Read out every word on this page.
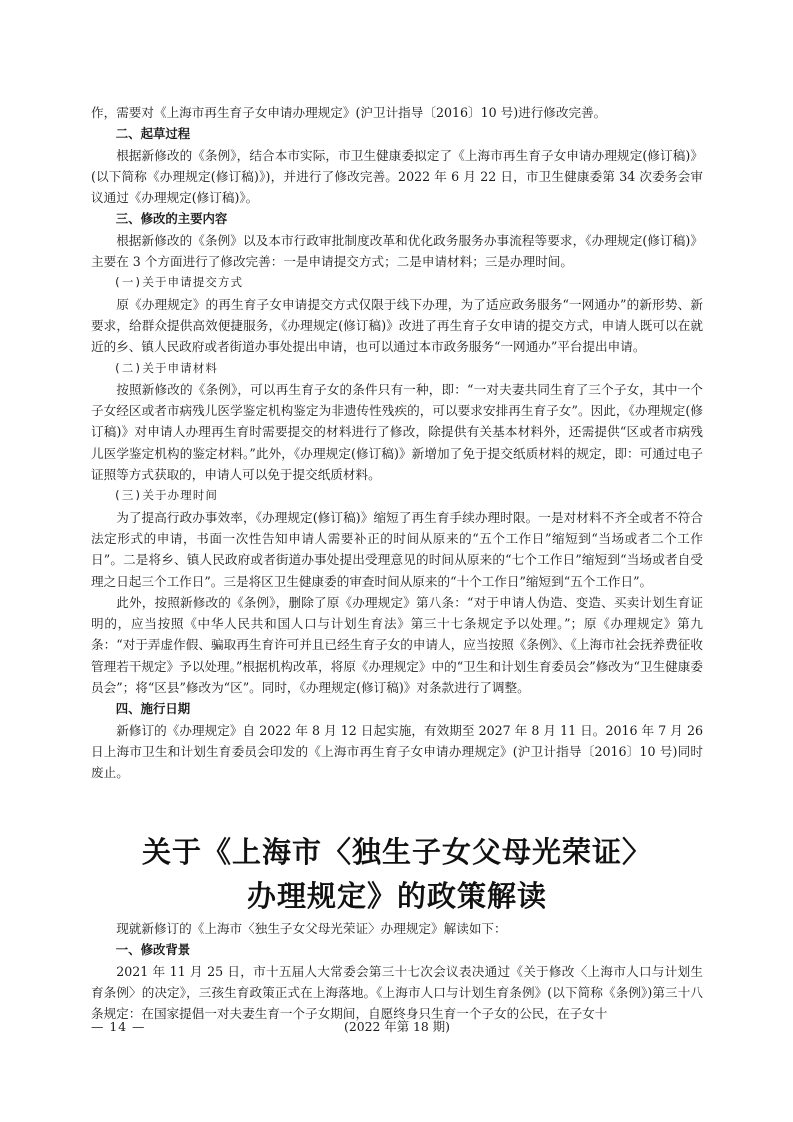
作，需要对《上海市再生育子女申请办理规定》(沪卫计指导〔2016〕10 号)进行修改完善。

二、起草过程

根据新修改的《条例》，结合本市实际，市卫生健康委拟定了《上海市再生育子女申请办理规定(修订稿)》(以下简称《办理规定(修订稿)》)，并进行了修改完善。2022 年 6 月 22 日，市卫生健康委第 34 次委务会审议通过《办理规定(修订稿)》。

三、修改的主要内容

根据新修改的《条例》以及本市行政审批制度改革和优化政务服务办事流程等要求，《办理规定(修订稿)》主要在 3 个方面进行了修改完善：一是申请提交方式；二是申请材料；三是办理时间。

(一)关于申请提交方式

原《办理规定》的再生育子女申请提交方式仅限于线下办理，为了适应政务服务“一网通办”的新形势、新要求，给群众提供高效便捷服务，《办理规定(修订稿)》改进了再生育子女申请的提交方式，申请人既可以在就近的乡、镇人民政府或者街道办事处提出申请，也可以通过本市政务服务“一网通办”平台提出申请。

(二)关于申请材料

按照新修改的《条例》，可以再生育子女的条件只有一种，即：“一对夫妻共同生育了三个子女，其中一个子女经区或者市病残儿医学鉴定机构鉴定为非遗传性残疾的，可以要求安排再生育子女”。因此，《办理规定(修订稿)》对申请人办理再生育时需要提交的材料进行了修改，除提供有关基本材料外，还需提供“区或者市病残儿医学鉴定机构的鉴定材料。”此外，《办理规定(修订稿)》新增加了免于提交纸质材料的规定，即：可通过电子证照等方式获取的，申请人可以免于提交纸质材料。

(三)关于办理时间

为了提高行政办事效率，《办理规定(修订稿)》缩短了再生育手续办理时限。一是对材料不齐全或者不符合法定形式的申请，书面一次性告知申请人需要补正的时间从原来的“五个工作日”缩短到“当场或者二个工作日”。二是将乡、镇人民政府或者街道办事处提出受理意见的时间从原来的“七个工作日”缩短到“当场或者自受理之日起三个工作日”。三是将区卫生健康委的审查时间从原来的“十个工作日”缩短到“五个工作日”。

此外，按照新修改的《条例》，删除了原《办理规定》第八条：“对于申请人伪造、变造、买卖计划生育证明的，应当按照《中华人民共和国人口与计划生育法》第三十七条规定予以处理。”；原《办理规定》第九条：“对于弄虚作假、骗取再生育许可并且已经生育子女的申请人，应当按照《条例》、《上海市社会抚养费征收管理若干规定》予以处理。”根据机构改革，将原《办理规定》中的“卫生和计划生育委员会”修改为“卫生健康委员会”；将“区县”修改为“区”。同时，《办理规定(修订稿)》对条款进行了调整。

四、施行日期

新修订的《办理规定》自 2022 年 8 月 12 日起实施，有效期至 2027 年 8 月 11 日。2016 年 7 月 26 日上海市卫生和计划生育委员会印发的《上海市再生育子女申请办理规定》(沪卫计指导〔2016〕10 号)同时废止。

关于《上海市〈独生子女父母光荣证〉
办理规定》的政策解读

现就新修订的《上海市〈独生子女父母光荣证〉办理规定》解读如下：

一、修改背景

2021 年 11 月 25 日，市十五届人大常委会第三十七次会议表决通过《关于修改〈上海市人口与计划生育条例〉的决定》，三孩生育政策正式在上海落地。《上海市人口与计划生育条例》(以下简称《条例》)第三十八条规定：在国家提倡一对夫妻生育一个子女期间，自愿终身只生育一个子女的公民，在子女十

— 14 —	(2022 年第 18 期)
